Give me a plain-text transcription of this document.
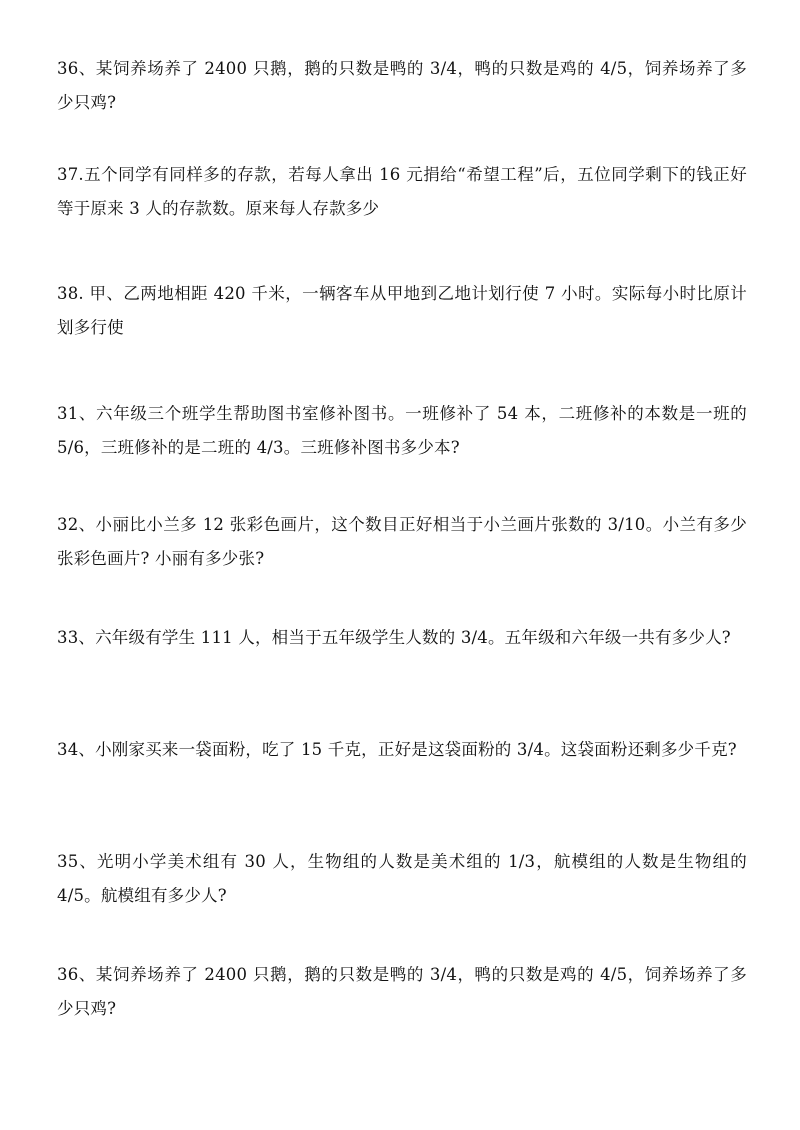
36、某饲养场养了 2400 只鹅，鹅的只数是鸭的 3/4，鸭的只数是鸡的 4/5，饲养场养了多少只鸡?

37.五个同学有同样多的存款，若每人拿出 16 元捐给“希望工程”后，五位同学剩下的钱正好等于原来 3 人的存款数。原来每人存款多少

38. 甲、乙两地相距 420 千米，一辆客车从甲地到乙地计划行使 7 小时。实际每小时比原计划多行使

31、六年级三个班学生帮助图书室修补图书。一班修补了 54 本，二班修补的本数是一班的 5/6，三班修补的是二班的 4/3。三班修补图书多少本?

32、小丽比小兰多 12 张彩色画片，这个数目正好相当于小兰画片张数的 3/10。小兰有多少张彩色画片? 小丽有多少张?

33、六年级有学生 111 人，相当于五年级学生人数的 3/4。五年级和六年级一共有多少人?

34、小刚家买来一袋面粉，吃了 15 千克，正好是这袋面粉的 3/4。这袋面粉还剩多少千克?

35、光明小学美术组有 30 人，生物组的人数是美术组的 1/3，航模组的人数是生物组的 4/5。航模组有多少人?

36、某饲养场养了 2400 只鹅，鹅的只数是鸭的 3/4，鸭的只数是鸡的 4/5，饲养场养了多少只鸡?
